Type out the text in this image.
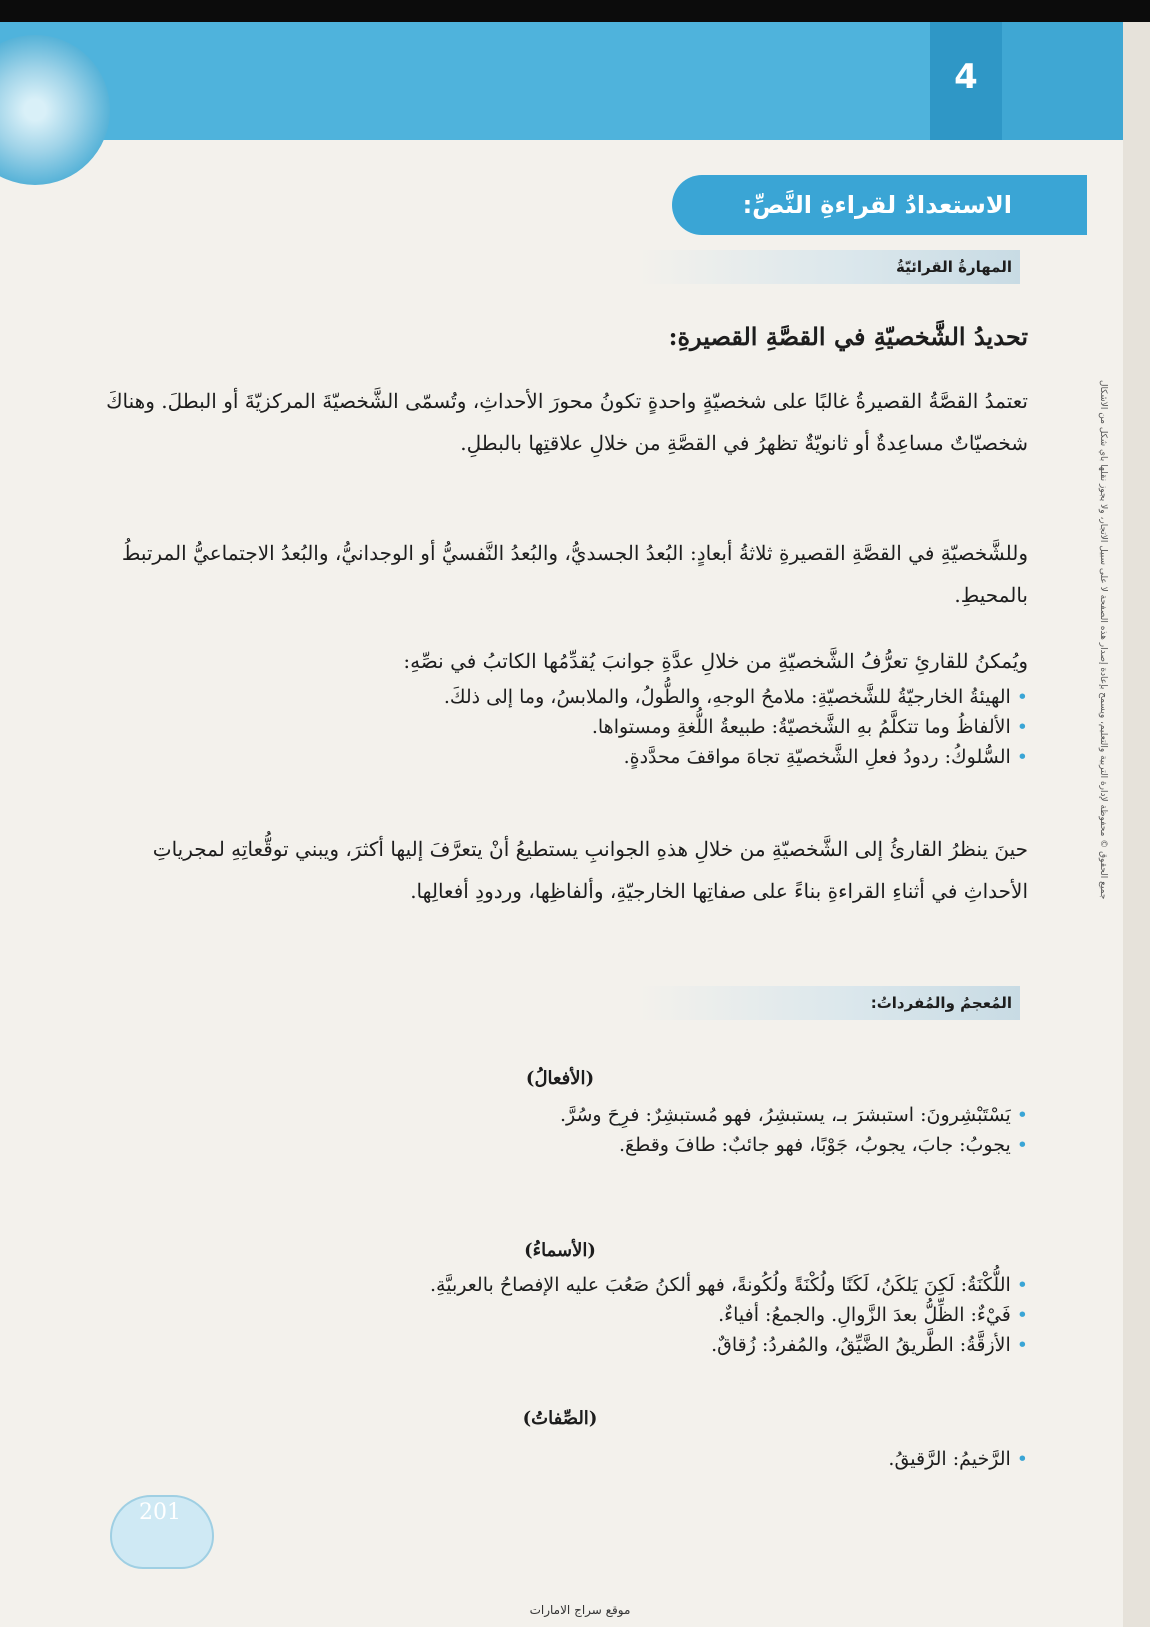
4
جميع الحقوق © محفوظة لإدارة التربية والتعليم، ويسمح بإعادة إصدار هذه الصفحة لا على سبيل الاتجار، ولا يجوز نقلها بأي شكل من الأشكال
الاستعدادُ لقراءةِ النَّصِّ:
المهارةُ القرائيّةُ
تحديدُ الشَّخصيّةِ في القصَّةِ القصيرةِ:
تعتمدُ القصَّةُ القصيرةُ غالبًا على شخصيّةٍ واحدةٍ تكونُ محورَ الأحداثِ، وتُسمّى الشَّخصيّةَ المركزيّةَ أو البطلَ. وهناكَ شخصيّاتٌ مساعِدةٌ أو ثانويّةٌ تظهرُ في القصَّةِ من خلالِ علاقتِها بالبطلِ.
وللشَّخصيّةِ في القصَّةِ القصيرةِ ثلاثةُ أبعادٍ: البُعدُ الجسديُّ، والبُعدُ النَّفسيُّ أو الوجدانيُّ، والبُعدُ الاجتماعيُّ المرتبطُ بالمحيطِ.
ويُمكنُ للقارئِ تعرُّفُ الشَّخصيّةِ من خلالِ عدَّةِ جوانبَ يُقدِّمُها الكاتبُ في نصِّهِ:
• الهيئةُ الخارجيّةُ للشَّخصيّةِ: ملامحُ الوجهِ، والطُّولُ، والملابسُ، وما إلى ذلكَ.
• الألفاظُ وما تتكلَّمُ بهِ الشَّخصيّةُ: طبيعةُ اللُّغةِ ومستواها.
• السُّلوكُ: ردودُ فعلِ الشَّخصيّةِ تجاهَ مواقفَ محدَّدةٍ.
حينَ ينظرُ القارئُ إلى الشَّخصيّةِ من خلالِ هذهِ الجوانبِ يستطيعُ أنْ يتعرَّفَ إليها أكثرَ، ويبني توقُّعاتِهِ لمجرياتِ الأحداثِ في أثناءِ القراءةِ بناءً على صفاتِها الخارجيّةِ، وألفاظِها، وردودِ أفعالِها.
المُعجمُ والمُفرداتُ:
(الأفعالُ)
• يَسْتَبْشِرونَ: استبشرَ بـ، يستبشِرُ، فهو مُستبشِرٌ: فرِحَ وسُرَّ.
• يجوبُ: جابَ، يجوبُ، جَوْبًا، فهو جائبٌ: طافَ وقطعَ.
(الأسماءُ)
• اللُّكْنَةُ: لَكِنَ يَلكَنُ، لَكَنًا ولُكْنَةً ولُكُونةً، فهو ألكنُ صَعُبَ عليه الإفصاحُ بالعربيَّةِ.
• فَيْءٌ: الظِّلُّ بعدَ الزَّوالِ. والجمعُ: أفياءٌ.
• الأزقَّةُ: الطَّريقُ الضَّيِّقُ، والمُفردُ: زُقاقٌ.
(الصِّفاتُ)
• الرَّخيمُ: الرَّقيقُ.
201
موقع سراج الامارات
